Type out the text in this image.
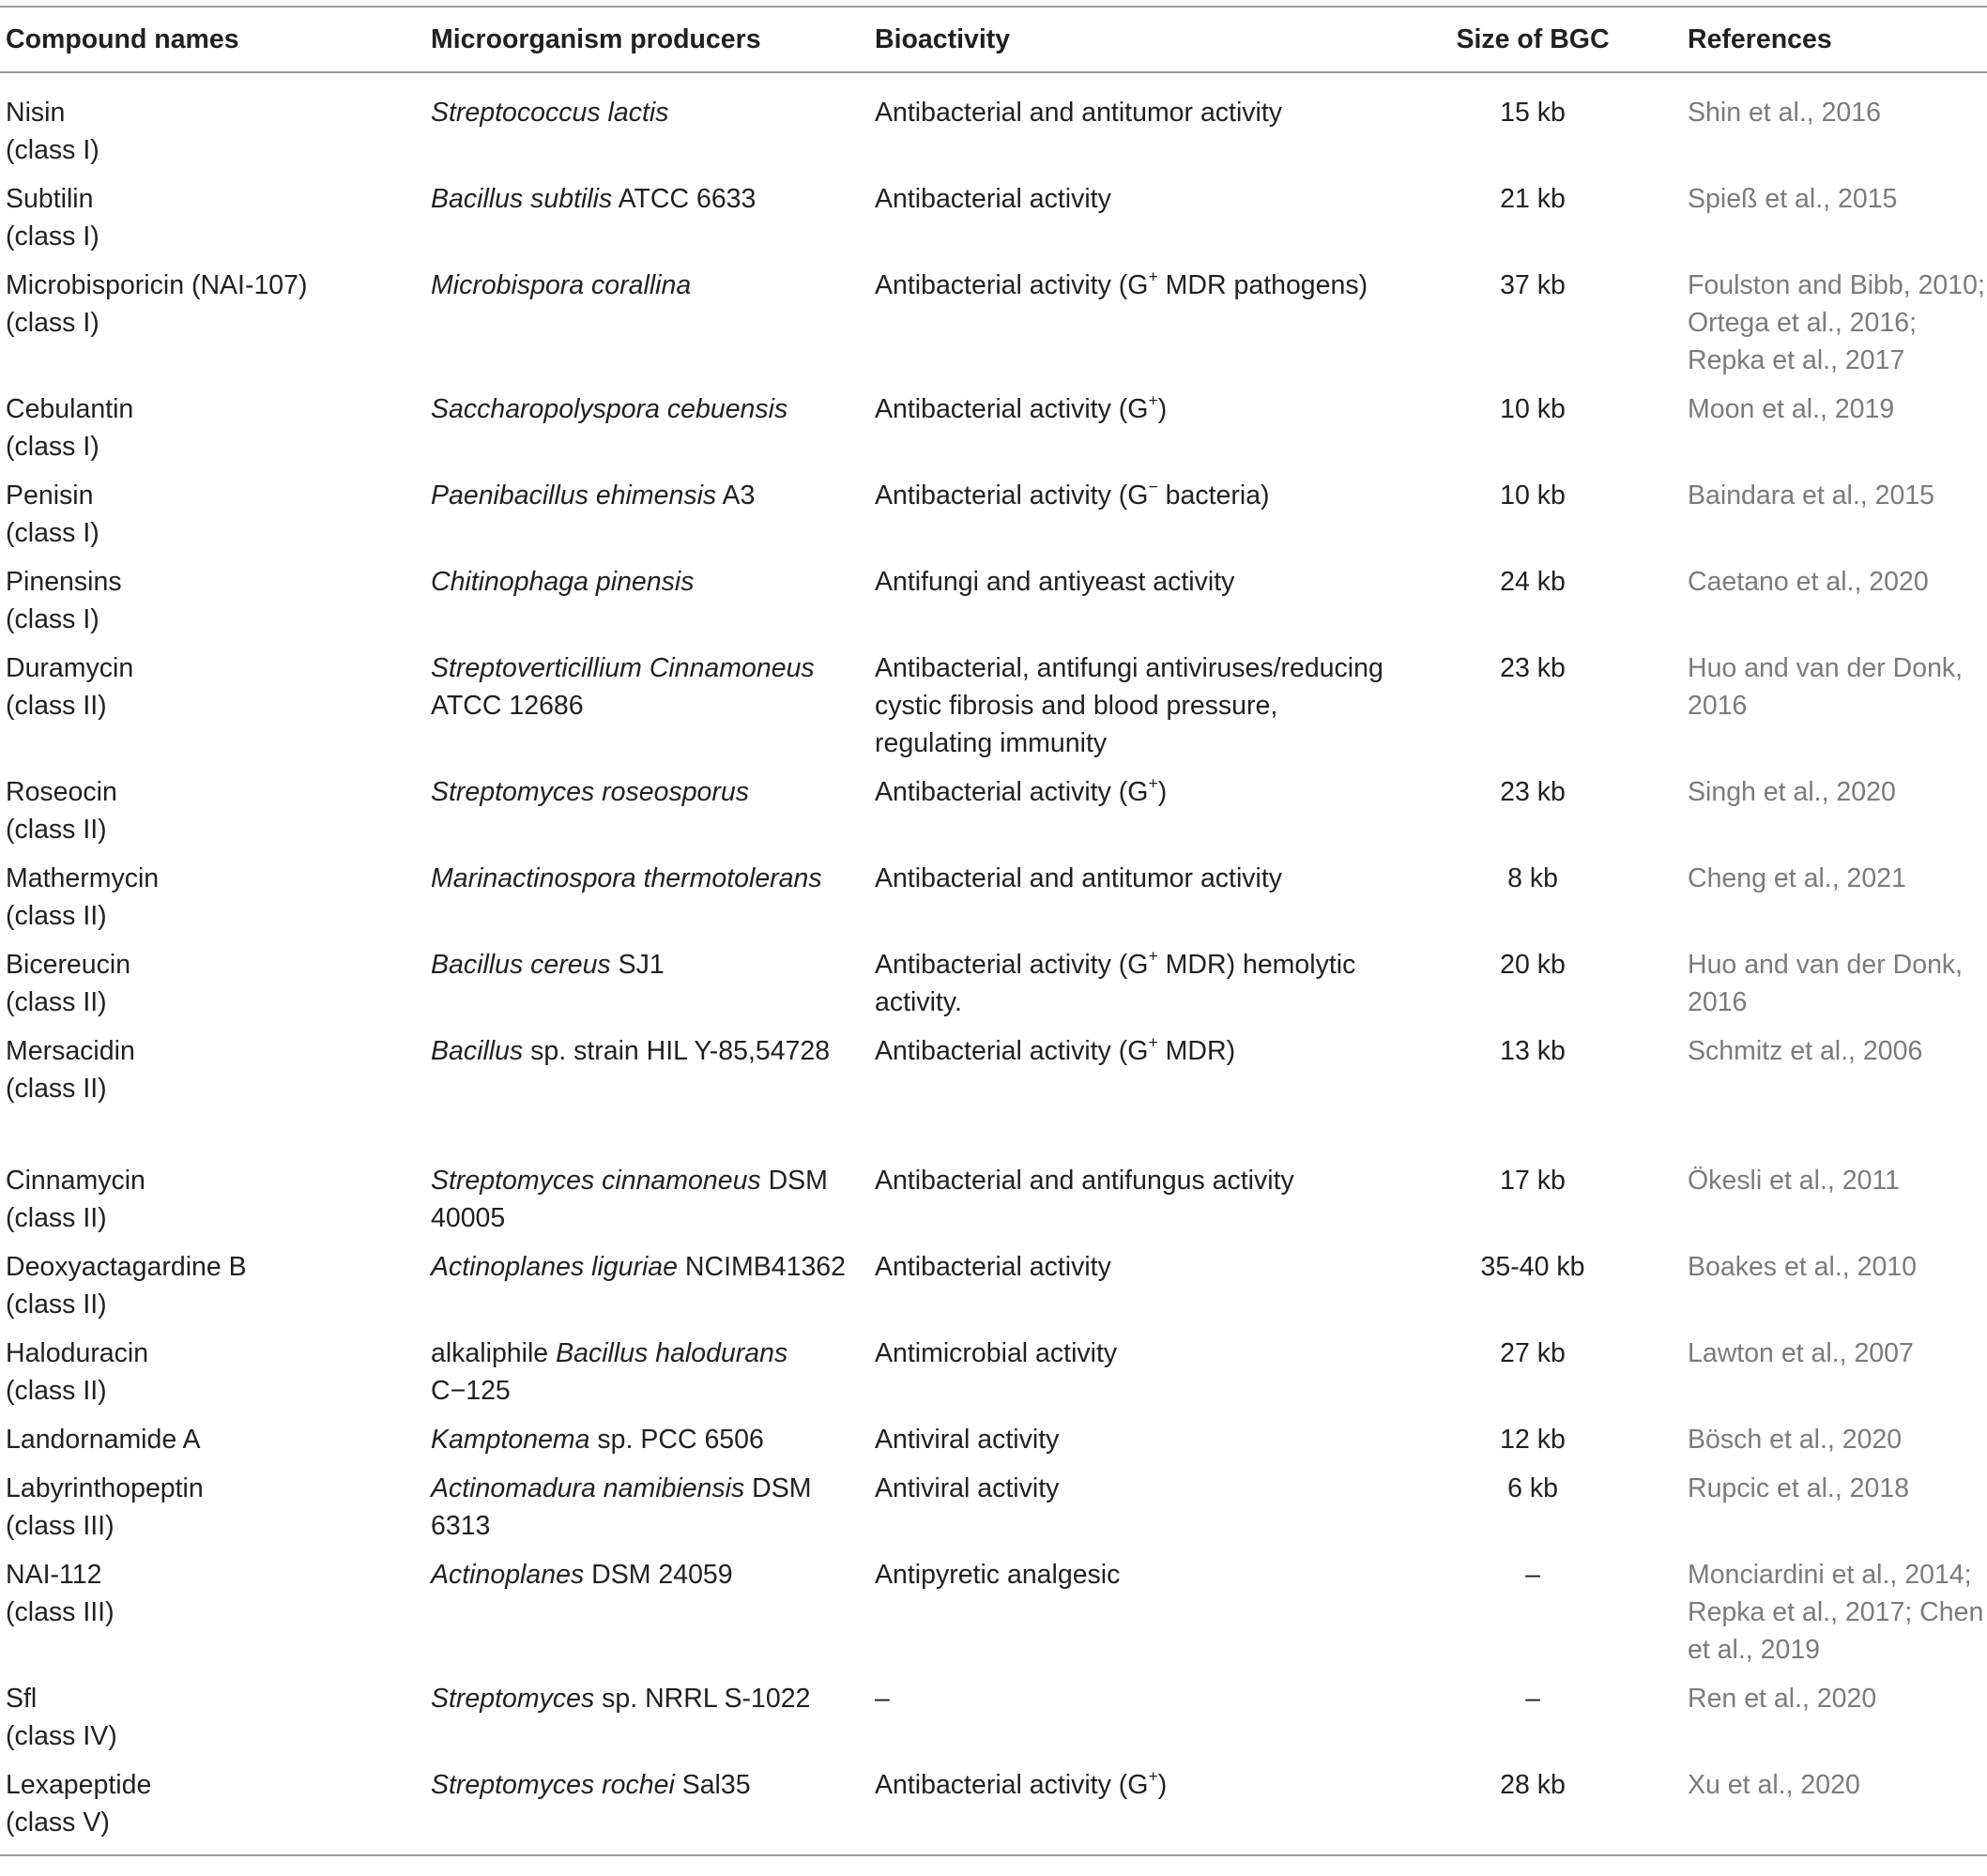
Compound names	Microorganism producers	Bioactivity	Size of BGC	References

Nisin
(class I)	Streptococcus lactis	Antibacterial and antitumor activity	15 kb	Shin et al., 2016

Subtilin
(class I)	Bacillus subtilis ATCC 6633	Antibacterial activity	21 kb	Spieß et al., 2015

Microbisporicin (NAI-107)
(class I)	Microbispora corallina	Antibacterial activity (G+ MDR pathogens)	37 kb	Foulston and Bibb, 2010; Ortega et al., 2016; Repka et al., 2017

Cebulantin
(class I)	Saccharopolyspora cebuensis	Antibacterial activity (G+)	10 kb	Moon et al., 2019

Penisin
(class I)	Paenibacillus ehimensis A3	Antibacterial activity (G− bacteria)	10 kb	Baindara et al., 2015

Pinensins
(class I)	Chitinophaga pinensis	Antifungi and antiyeast activity	24 kb	Caetano et al., 2020

Duramycin
(class II)	Streptoverticillium Cinnamoneus ATCC 12686	Antibacterial, antifungi antiviruses/reducing cystic fibrosis and blood pressure, regulating immunity	23 kb	Huo and van der Donk, 2016

Roseocin
(class II)	Streptomyces roseosporus	Antibacterial activity (G+)	23 kb	Singh et al., 2020

Mathermycin
(class II)	Marinactinospora thermotolerans	Antibacterial and antitumor activity	8 kb	Cheng et al., 2021

Bicereucin
(class II)	Bacillus cereus SJ1	Antibacterial activity (G+ MDR) hemolytic activity.	20 kb	Huo and van der Donk, 2016

Mersacidin
(class II)	Bacillus sp. strain HIL Y-85,54728	Antibacterial activity (G+ MDR)	13 kb	Schmitz et al., 2006

Cinnamycin
(class II)	Streptomyces cinnamoneus DSM 40005	Antibacterial and antifungus activity	17 kb	Ökesli et al., 2011

Deoxyactagardine B
(class II)	Actinoplanes liguriae NCIMB41362	Antibacterial activity	35-40 kb	Boakes et al., 2010

Haloduracin
(class II)	alkaliphile Bacillus halodurans C−125	Antimicrobial activity	27 kb	Lawton et al., 2007

Landornamide A	Kamptonema sp. PCC 6506	Antiviral activity	12 kb	Bösch et al., 2020

Labyrinthopeptin
(class III)	Actinomadura namibiensis DSM 6313	Antiviral activity	6 kb	Rupcic et al., 2018

NAI-112
(class III)	Actinoplanes DSM 24059	Antipyretic analgesic	–	Monciardini et al., 2014; Repka et al., 2017; Chen et al., 2019

Sfl
(class IV)	Streptomyces sp. NRRL S-1022	–	–	Ren et al., 2020

Lexapeptide
(class V)	Streptomyces rochei Sal35	Antibacterial activity (G+)	28 kb	Xu et al., 2020
